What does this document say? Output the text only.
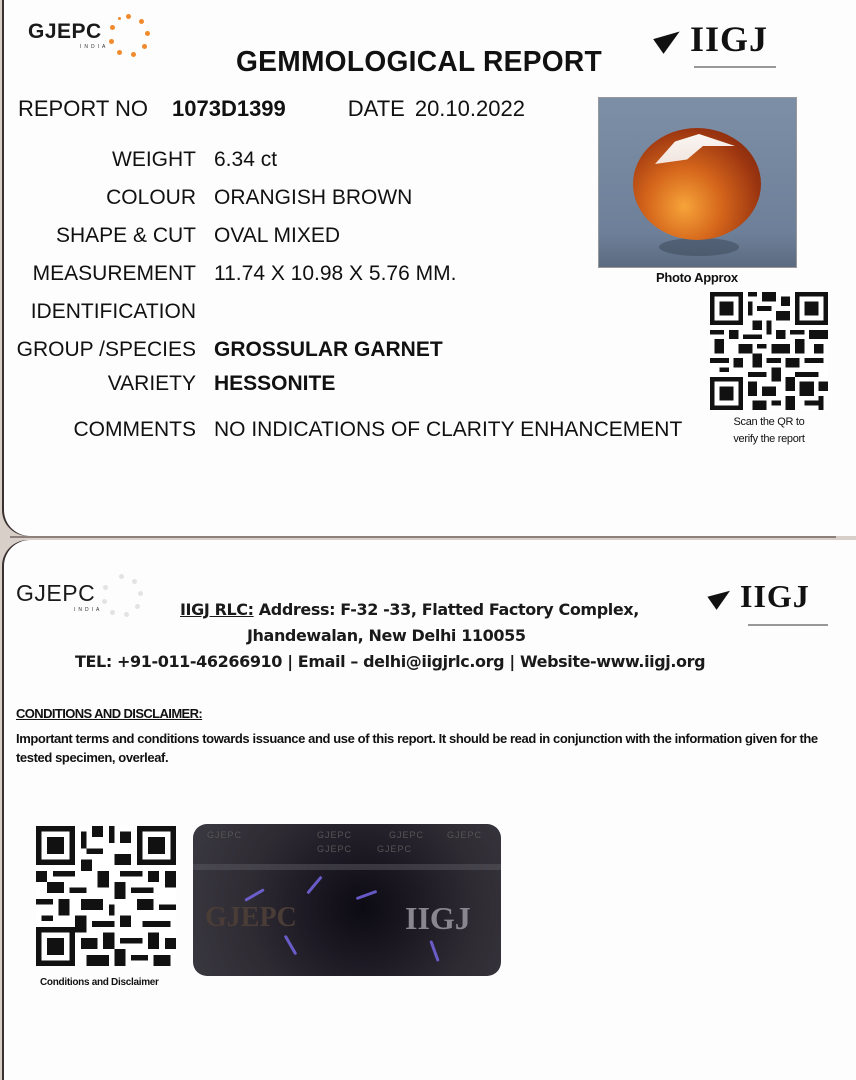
GJEPC
INDIA	GEMMOLOGICAL REPORT
IIGJ
REPORT NO 1073D1399	DATE 20.10.2022
WEIGHT 6.34 ct
COLOUR ORANGISH BROWN
SHAPE & CUT OVAL MIXED
MEASUREMENT 11.74 X 10.98 X 5.76 MM.
IDENTIFICATION
GROUP /SPECIES GROSSULAR GARNET
VARIETY HESSONITE
COMMENTS NO INDICATIONS OF CLARITY ENHANCEMENT
Photo Approx
Scan the QR to
verify the report
GJEPC
INDIA	IIGJ
IIGJ RLC: Address: F-32 -33, Flatted Factory Complex,
Jhandewalan, New Delhi 110055
TEL: +91-011-46266910 | Email – delhi@iigjrlc.org | Website-www.iigj.org
CONDITIONS AND DISCLAIMER:
Important terms and conditions towards issuance and use of this report. It should be read in conjunction with the information given for the tested specimen, overleaf.
Conditions and Disclaimer
GJEPC	GJEPC	GJEPC	GJEPC
GJEPC	GJEPC
GJEPC	IIGJ
